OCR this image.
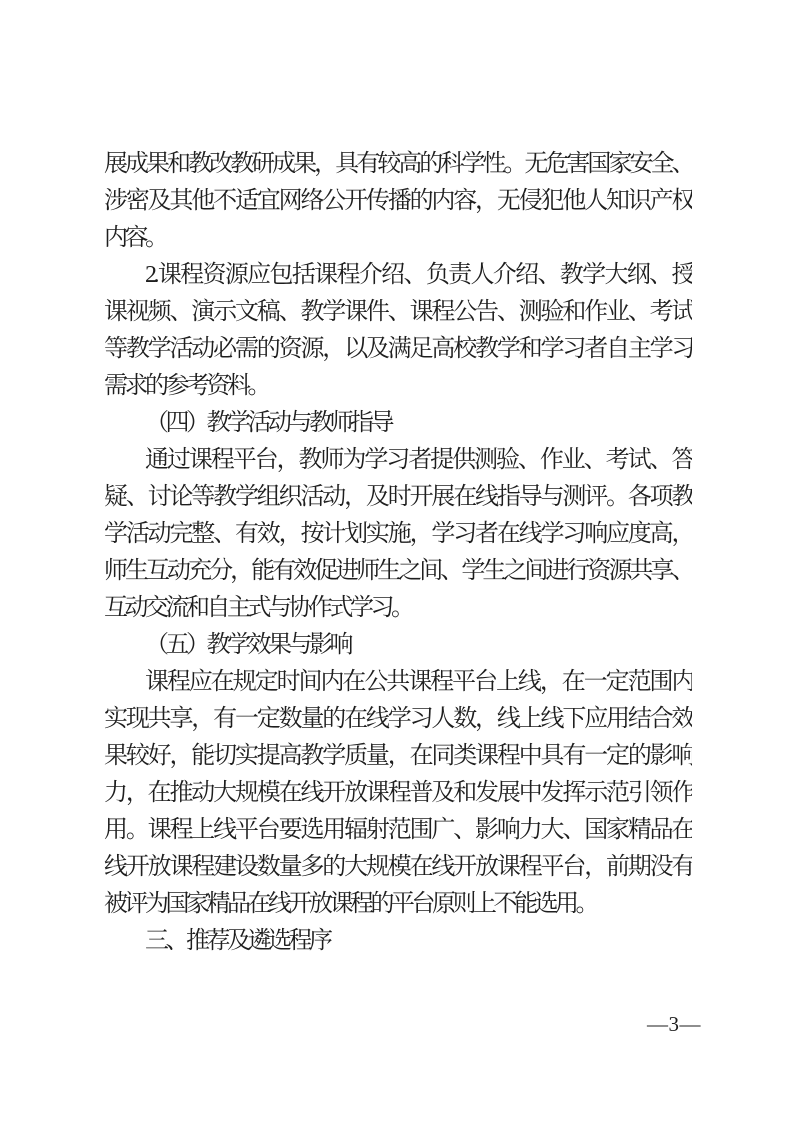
展成果和教改教研成果，具有较高的科学性。无危害国家安全、
涉密及其他不适宜网络公开传播的内容，无侵犯他人知识产权
内容。
2.课程资源应包括课程介绍、负责人介绍、教学大纲、授
课视频、演示文稿、教学课件、课程公告、测验和作业、考试
等教学活动必需的资源，以及满足高校教学和学习者自主学习
需求的参考资料。
（四）教学活动与教师指导
通过课程平台，教师为学习者提供测验、作业、考试、答
疑、讨论等教学组织活动，及时开展在线指导与测评。各项教
学活动完整、有效，按计划实施，学习者在线学习响应度高，
师生互动充分，能有效促进师生之间、学生之间进行资源共享、
互动交流和自主式与协作式学习。
（五）教学效果与影响
课程应在规定时间内在公共课程平台上线，在一定范围内
实现共享，有一定数量的在线学习人数，线上线下应用结合效
果较好，能切实提高教学质量，在同类课程中具有一定的影响
力，在推动大规模在线开放课程普及和发展中发挥示范引领作
用。课程上线平台要选用辐射范围广、影响力大、国家精品在
线开放课程建设数量多的大规模在线开放课程平台，前期没有
被评为国家精品在线开放课程的平台原则上不能选用。
三、推荐及遴选程序
—3—
